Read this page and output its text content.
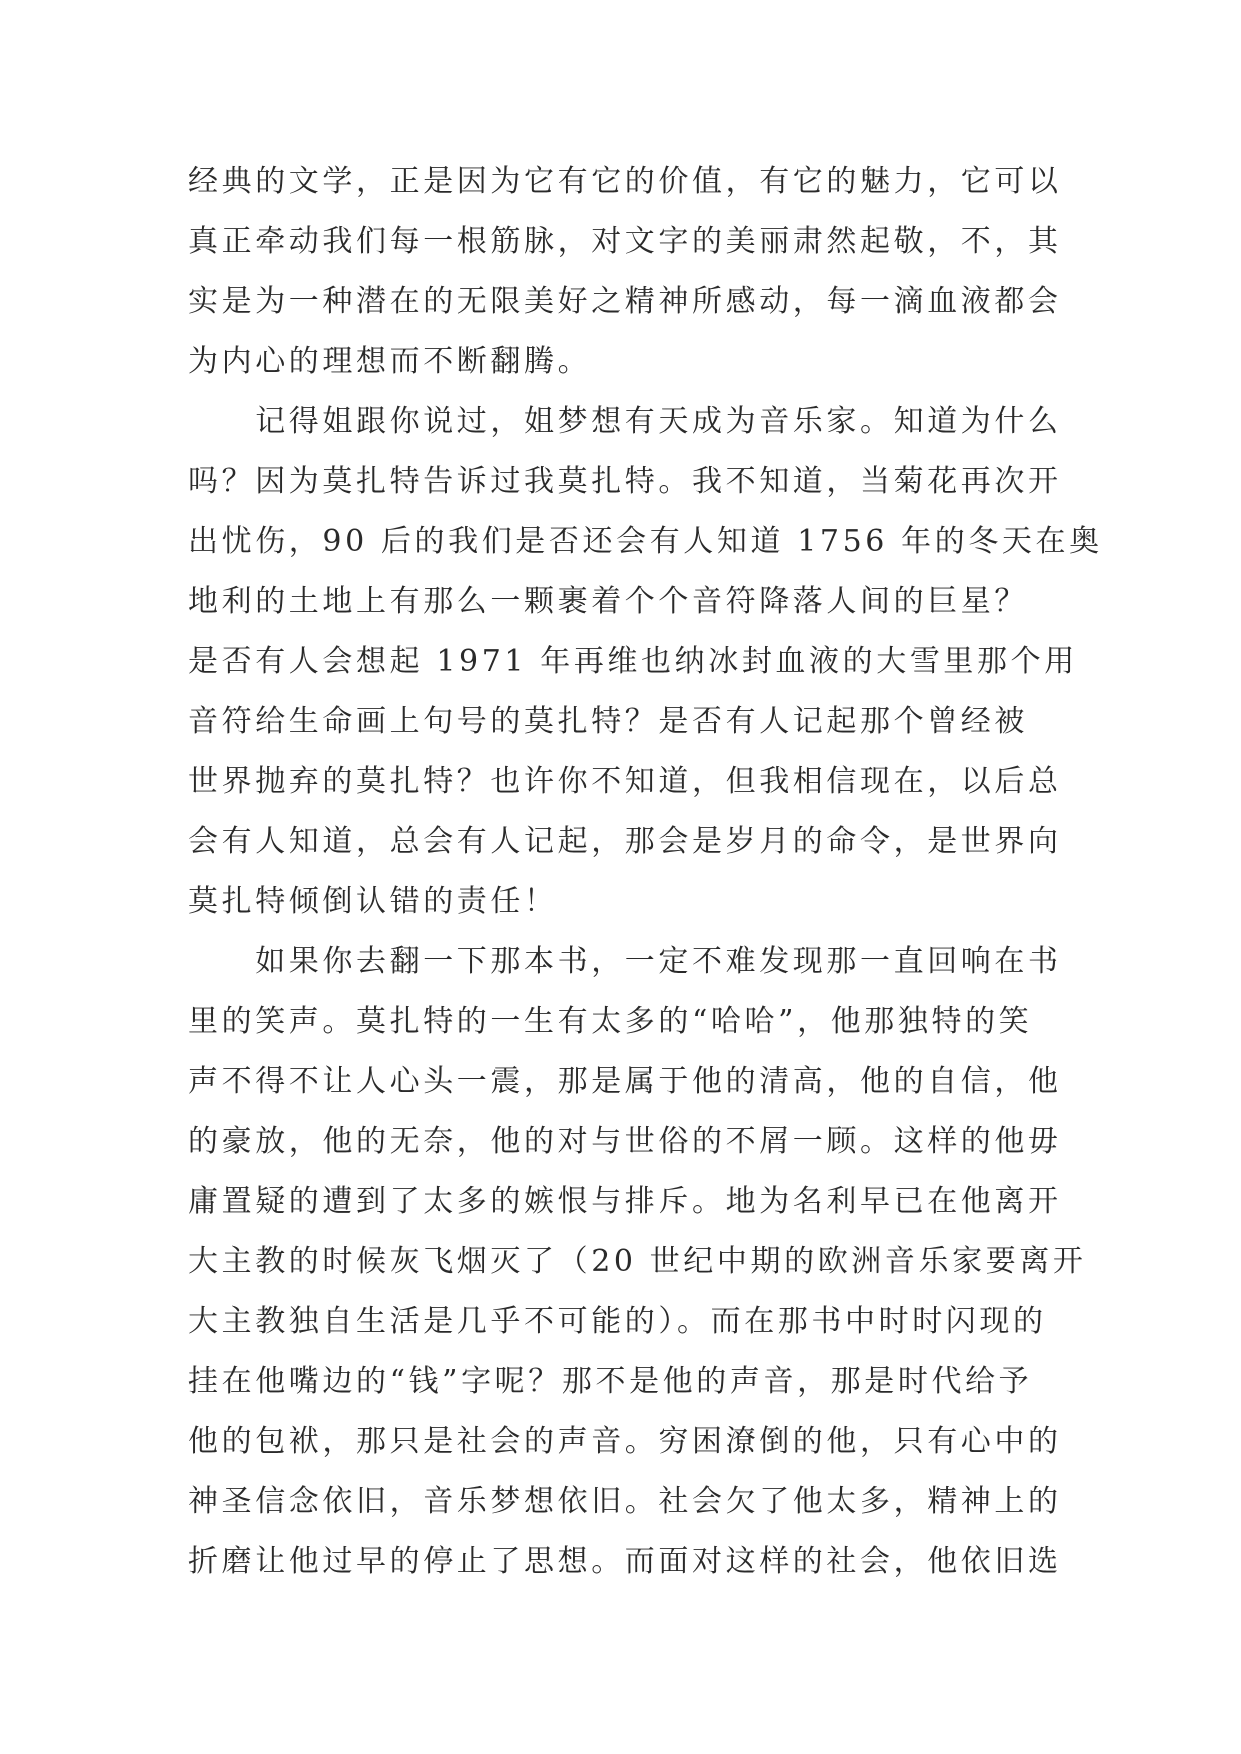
经典的文学，正是因为它有它的价值，有它的魅力，它可以
真正牵动我们每一根筋脉，对文字的美丽肃然起敬，不，其
实是为一种潜在的无限美好之精神所感动，每一滴血液都会
为内心的理想而不断翻腾。
　　记得姐跟你说过，姐梦想有天成为音乐家。知道为什么
吗？因为莫扎特告诉过我莫扎特。我不知道，当菊花再次开
出忧伤，90 后的我们是否还会有人知道 1756 年的冬天在奥
地利的土地上有那么一颗裹着个个音符降落人间的巨星？
是否有人会想起 1971 年再维也纳冰封血液的大雪里那个用
音符给生命画上句号的莫扎特？是否有人记起那个曾经被
世界抛弃的莫扎特？也许你不知道，但我相信现在，以后总
会有人知道，总会有人记起，那会是岁月的命令，是世界向
莫扎特倾倒认错的责任！
　　如果你去翻一下那本书，一定不难发现那一直回响在书
里的笑声。莫扎特的一生有太多的“哈哈”，他那独特的笑
声不得不让人心头一震，那是属于他的清高，他的自信，他
的豪放，他的无奈，他的对与世俗的不屑一顾。这样的他毋
庸置疑的遭到了太多的嫉恨与排斥。地为名利早已在他离开
大主教的时候灰飞烟灭了（20 世纪中期的欧洲音乐家要离开
大主教独自生活是几乎不可能的）。而在那书中时时闪现的
挂在他嘴边的“钱”字呢？那不是他的声音，那是时代给予
他的包袱，那只是社会的声音。穷困潦倒的他，只有心中的
神圣信念依旧，音乐梦想依旧。社会欠了他太多，精神上的
折磨让他过早的停止了思想。而面对这样的社会，他依旧选
